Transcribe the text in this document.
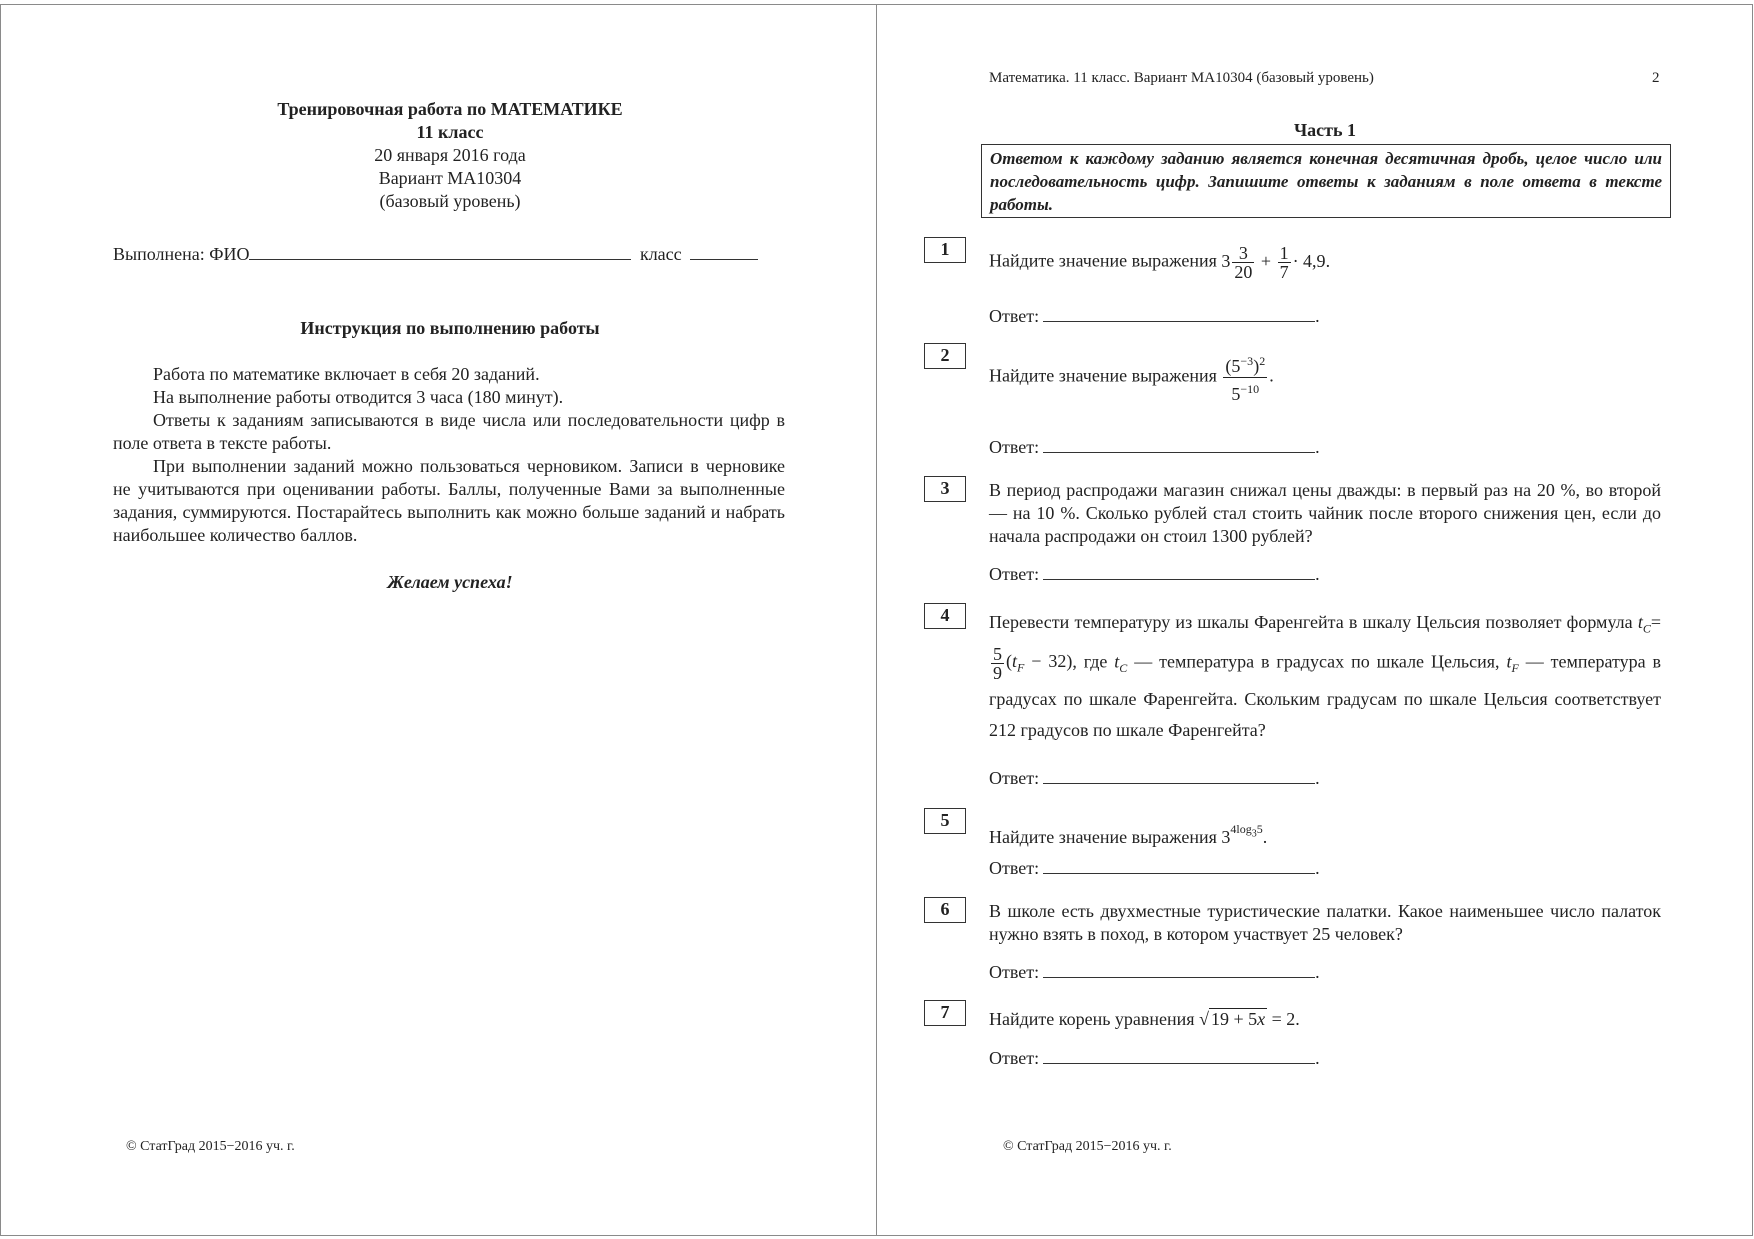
Тренировочная работа по МАТЕМАТИКЕ
11 класс
20 января 2016 года
Вариант МА10304
(базовый уровень)
Выполнена: ФИО	класс
Инструкция по выполнению работы

Работа по математике включает в себя 20 заданий.

На выполнение работы отводится 3 часа (180 минут).

Ответы к заданиям записываются в виде числа или последовательности цифр в поле ответа в тексте работы.

При выполнении заданий можно пользоваться черновиком. Записи в черновике не учитываются при оценивании работы. Баллы, полученные Вами за выполненные задания, суммируются. Постарайтесь выполнить как можно больше заданий и набрать наибольшее количество баллов.

Желаем успеха!
© СтатГрад 2015−2016 уч. г.
Математика. 11 класс. Вариант МА10304 (базовый уровень)	2
Часть 1
Ответом к каждому заданию является конечная десятичная дробь, целое число или последовательность цифр. Запишите ответы к заданиям в поле ответа в тексте работы.
1
Найдите значение выражения $3 \frac{3}{20} + \frac{1}{7} \cdot 4,9$.
Ответ:	.
2
Найдите значение выражения $\frac{(5^{-3})^2}{5^{-10}}$ .
Ответ:	.
3	В период распродажи магазин снижал цены дважды: в первый раз на 20 %, во второй — на 10 %. Сколько рублей стал стоить чайник после второго снижения цен, если до начала распродажи он стоил 1300 рублей?
Ответ:	.
4	Перевести температуру из шкалы Фаренгейта в шкалу Цельсия позволяет формула $t_C=$
$\frac{5}{9} (t_F - 32)$, где $t_C$ — температура в градусах по шкале Цельсия, $t_F$ — температура в градусах по шкале Фаренгейта. Скольким градусам по шкале Цельсия соответствует 212 градусов по шкале Фаренгейта?
Ответ:	.
5
Найдите значение выражения $3^{4log_35}$.
Ответ:	.
6	В школе есть двухместные туристические палатки. Какое наименьшее число палаток нужно взять в поход, в котором участвует 25 человек?
Ответ:	.
7	Найдите корень уравнения √ 19 + 5x = 2.
Ответ:	.
© СтатГрад 2015−2016 уч. г.
